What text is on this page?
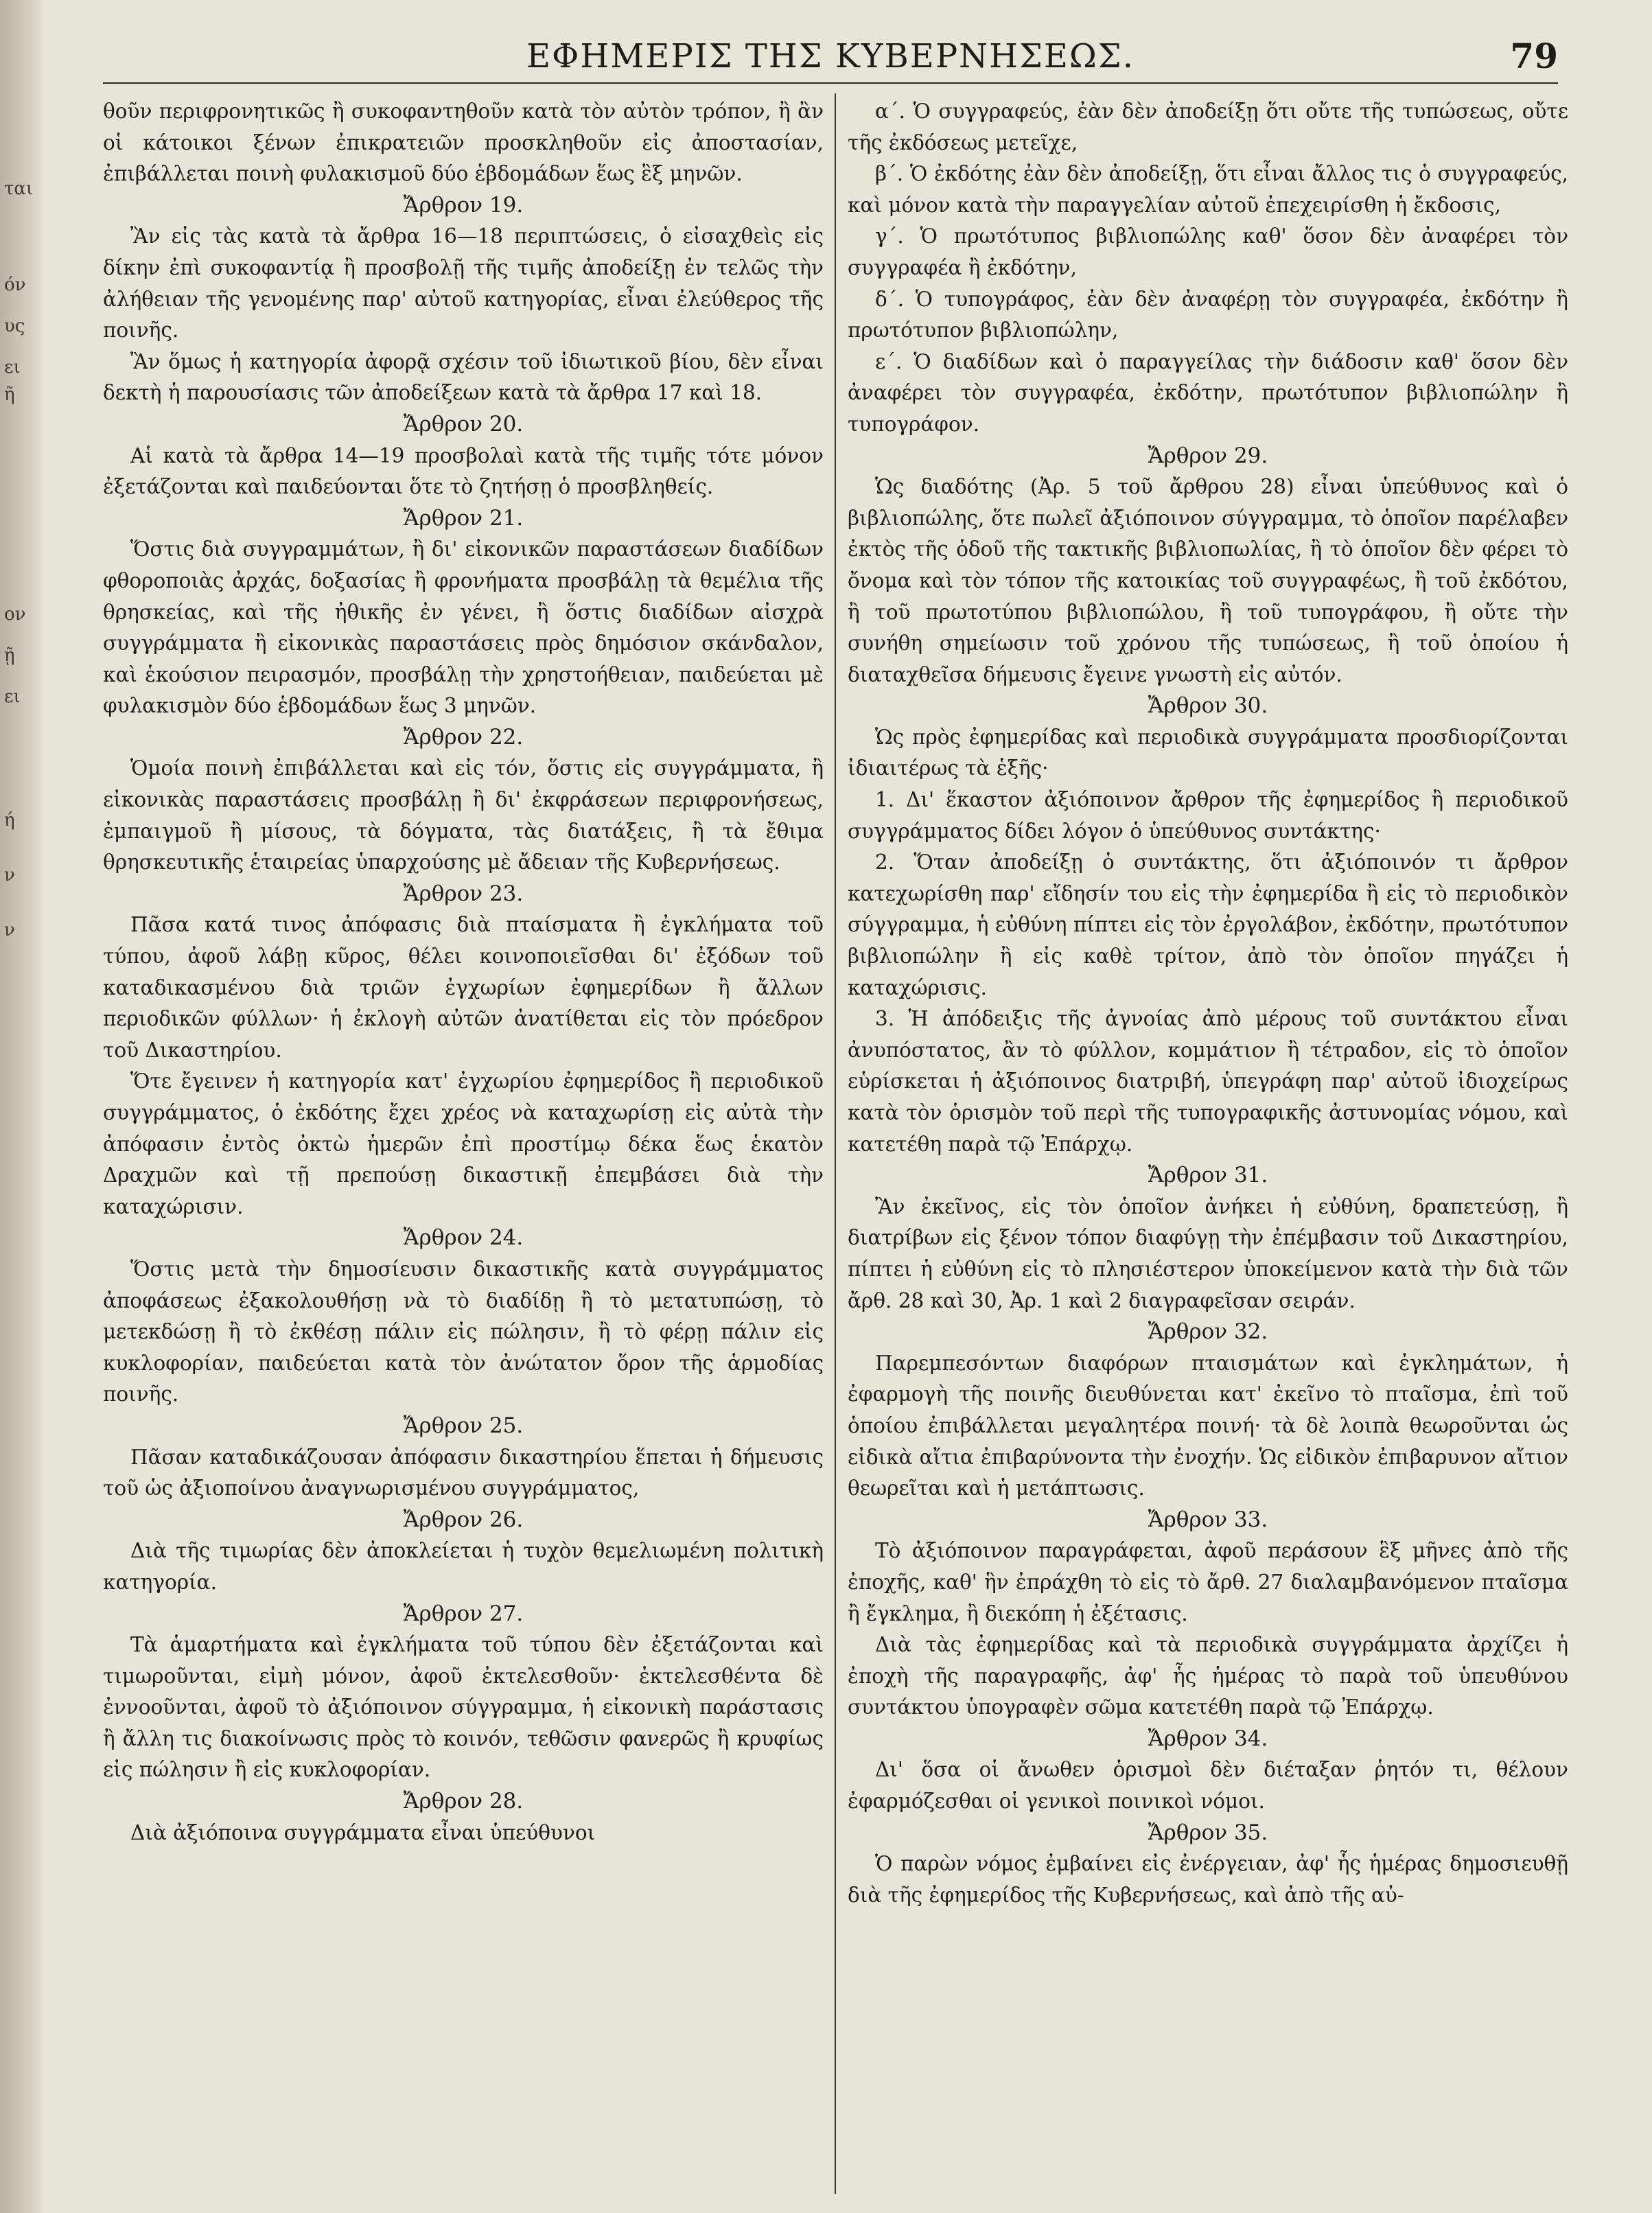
ται
όν
υς
ει
ῆ
ον
ῇ
ει
ή
ν
ν
ΕΦΗΜΕΡΙΣ ΤΗΣ ΚΥΒΕΡΝΗΣΕΩΣ.	79

θοῦν περιφρονητικῶς ἢ συκοφαντηθοῦν κατὰ τὸν αὐτὸν τρόπον, ἢ ἂν οἱ κάτοικοι ξένων ἐπικρατειῶν προσκληθοῦν εἰς ἀποστασίαν, ἐπιβάλλεται ποινὴ φυλακισμοῦ δύο ἑβδομάδων ἕως ἓξ μηνῶν.

Ἄρθρον 19.

Ἂν εἰς τὰς κατὰ τὰ ἄρθρα 16—18 περιπτώσεις, ὁ εἰσαχθεὶς εἰς δίκην ἐπὶ συκοφαντίᾳ ἢ προσβολῇ τῆς τιμῆς ἀποδείξῃ ἐν τελῶς τὴν ἀλήθειαν τῆς γενομένης παρ' αὐτοῦ κατηγορίας, εἶναι ἐλεύθερος τῆς ποινῆς.

Ἂν ὅμως ἡ κατηγορία ἀφορᾷ σχέσιν τοῦ ἰδιωτικοῦ βίου, δὲν εἶναι δεκτὴ ἡ παρουσίασις τῶν ἀποδείξεων κατὰ τὰ ἄρθρα 17 καὶ 18.

Ἄρθρον 20.

Αἱ κατὰ τὰ ἄρθρα 14—19 προσβολαὶ κατὰ τῆς τιμῆς τότε μόνον ἐξετάζονται καὶ παιδεύονται ὅτε τὸ ζητήσῃ ὁ προσβληθείς.

Ἄρθρον 21.

Ὅστις διὰ συγγραμμάτων, ἢ δι' εἰκονικῶν παραστάσεων διαδίδων φθοροποιὰς ἀρχάς, δοξασίας ἢ φρονήματα προσβάλῃ τὰ θεμέλια τῆς θρησκείας, καὶ τῆς ἠθικῆς ἐν γένει, ἢ ὅστις διαδίδων αἰσχρὰ συγγράμματα ἢ εἰκονικὰς παραστάσεις πρὸς δημόσιον σκάνδαλον, καὶ ἑκούσιον πειρασμόν, προσβάλῃ τὴν χρηστοήθειαν, παιδεύεται μὲ φυλακισμὸν δύο ἑβδομάδων ἕως 3 μηνῶν.

Ἄρθρον 22.

Ὁμοία ποινὴ ἐπιβάλλεται καὶ εἰς τόν, ὅστις εἰς συγγράμματα, ἢ εἰκονικὰς παραστάσεις προσβάλῃ ἢ δι' ἐκφράσεων περιφρονήσεως, ἐμπαιγμοῦ ἢ μίσους, τὰ δόγματα, τὰς διατάξεις, ἢ τὰ ἔθιμα θρησκευτικῆς ἑταιρείας ὑπαρχούσης μὲ ἄδειαν τῆς Κυβερνήσεως.

Ἄρθρον 23.

Πᾶσα κατά τινος ἀπόφασις διὰ πταίσματα ἢ ἐγκλήματα τοῦ τύπου, ἀφοῦ λάβῃ κῦρος, θέλει κοινοποιεῖσθαι δι' ἐξόδων τοῦ καταδικασμένου διὰ τριῶν ἐγχωρίων ἐφημερίδων ἢ ἄλλων περιοδικῶν φύλλων· ἡ ἐκλογὴ αὐτῶν ἀνατίθεται εἰς τὸν πρόεδρον τοῦ Δικαστηρίου.

Ὅτε ἔγεινεν ἡ κατηγορία κατ' ἐγχωρίου ἐφημερίδος ἢ περιοδικοῦ συγγράμματος, ὁ ἐκδότης ἔχει χρέος νὰ καταχωρίσῃ εἰς αὐτὰ τὴν ἀπόφασιν ἐντὸς ὀκτὼ ἡμερῶν ἐπὶ προστίμῳ δέκα ἕως ἑκατὸν Δραχμῶν καὶ τῇ πρεπούσῃ δικαστικῇ ἐπεμβάσει διὰ τὴν καταχώρισιν.

Ἄρθρον 24.

Ὅστις μετὰ τὴν δημοσίευσιν δικαστικῆς κατὰ συγγράμματος ἀποφάσεως ἐξακολουθήσῃ νὰ τὸ διαδίδῃ ἢ τὸ μετατυπώσῃ, τὸ μετεκδώσῃ ἢ τὸ ἐκθέσῃ πάλιν εἰς πώλησιν, ἢ τὸ φέρῃ πάλιν εἰς κυκλοφορίαν, παιδεύεται κατὰ τὸν ἀνώτατον ὅρον τῆς ἁρμοδίας ποινῆς.

Ἄρθρον 25.

Πᾶσαν καταδικάζουσαν ἀπόφασιν δικαστηρίου ἕπεται ἡ δήμευσις τοῦ ὡς ἀξιοποίνου ἀναγνωρισμένου συγγράμματος,

Ἄρθρον 26.

Διὰ τῆς τιμωρίας δὲν ἀποκλείεται ἡ τυχὸν θεμελιωμένη πολιτικὴ κατηγορία.

Ἄρθρον 27.

Τὰ ἁμαρτήματα καὶ ἐγκλήματα τοῦ τύπου δὲν ἐξετάζονται καὶ τιμωροῦνται, εἰμὴ μόνον, ἀφοῦ ἐκτελεσθοῦν· ἐκτελεσθέντα δὲ ἐννοοῦνται, ἀφοῦ τὸ ἀξιόποινον σύγγραμμα, ἡ εἰκονικὴ παράστασις ἢ ἄλλη τις διακοίνωσις πρὸς τὸ κοινόν, τεθῶσιν φανερῶς ἢ κρυφίως εἰς πώλησιν ἢ εἰς κυκλοφορίαν.

Ἄρθρον 28.

Διὰ ἀξιόποινα συγγράμματα εἶναι ὑπεύθυνοι

α΄. Ὁ συγγραφεύς, ἐὰν δὲν ἀποδείξῃ ὅτι οὔτε τῆς τυπώσεως, οὔτε τῆς ἐκδόσεως μετεῖχε,

β΄. Ὁ ἐκδότης ἐὰν δὲν ἀποδείξῃ, ὅτι εἶναι ἄλλος τις ὁ συγγραφεύς, καὶ μόνον κατὰ τὴν παραγγελίαν αὐτοῦ ἐπεχειρίσθη ἡ ἔκδοσις,

γ΄. Ὁ πρωτότυπος βιβλιοπώλης καθ' ὅσον δὲν ἀναφέρει τὸν συγγραφέα ἢ ἐκδότην,

δ΄. Ὁ τυπογράφος, ἐὰν δὲν ἀναφέρῃ τὸν συγγραφέα, ἐκδότην ἢ πρωτότυπον βιβλιοπώλην,

ε΄. Ὁ διαδίδων καὶ ὁ παραγγείλας τὴν διάδοσιν καθ' ὅσον δὲν ἀναφέρει τὸν συγγραφέα, ἐκδότην, πρωτότυπον βιβλιοπώλην ἢ τυπογράφον.

Ἄρθρον 29.

Ὡς διαδότης (Ἀρ. 5 τοῦ ἄρθρου 28) εἶναι ὑπεύθυνος καὶ ὁ βιβλιοπώλης, ὅτε πωλεῖ ἀξιόποινον σύγγραμμα, τὸ ὁποῖον παρέλαβεν ἐκτὸς τῆς ὁδοῦ τῆς τακτικῆς βιβλιοπωλίας, ἢ τὸ ὁποῖον δὲν φέρει τὸ ὄνομα καὶ τὸν τόπον τῆς κατοικίας τοῦ συγγραφέως, ἢ τοῦ ἐκδότου, ἢ τοῦ πρωτοτύπου βιβλιοπώλου, ἢ τοῦ τυπογράφου, ἢ οὔτε τὴν συνήθη σημείωσιν τοῦ χρόνου τῆς τυπώσεως, ἢ τοῦ ὁποίου ἡ διαταχθεῖσα δήμευσις ἔγεινε γνωστὴ εἰς αὐτόν.

Ἄρθρον 30.

Ὡς πρὸς ἐφημερίδας καὶ περιοδικὰ συγγράμματα προσδιορίζονται ἰδιαιτέρως τὰ ἑξῆς·

1. Δι' ἕκαστον ἀξιόποινον ἄρθρον τῆς ἐφημερίδος ἢ περιοδικοῦ συγγράμματος δίδει λόγον ὁ ὑπεύθυνος συντάκτης·

2. Ὅταν ἀποδείξῃ ὁ συντάκτης, ὅτι ἀξιόποινόν τι ἄρθρον κατεχωρίσθη παρ' εἴδησίν του εἰς τὴν ἐφημερίδα ἢ εἰς τὸ περιοδικὸν σύγγραμμα, ἡ εὐθύνη πίπτει εἰς τὸν ἐργολάβον, ἐκδότην, πρωτότυπον βιβλιοπώλην ἢ εἰς καθὲ τρίτον, ἀπὸ τὸν ὁποῖον πηγάζει ἡ καταχώρισις.

3. Ἡ ἀπόδειξις τῆς ἀγνοίας ἀπὸ μέρους τοῦ συντάκτου εἶναι ἀνυπόστατος, ἂν τὸ φύλλον, κομμάτιον ἢ τέτραδον, εἰς τὸ ὁποῖον εὑρίσκεται ἡ ἀξιόποινος διατριβή, ὑπεγράφη παρ' αὐτοῦ ἰδιοχείρως κατὰ τὸν ὁρισμὸν τοῦ περὶ τῆς τυπογραφικῆς ἀστυνομίας νόμου, καὶ κατετέθη παρὰ τῷ Ἐπάρχῳ.

Ἄρθρον 31.

Ἂν ἐκεῖνος, εἰς τὸν ὁποῖον ἀνήκει ἡ εὐθύνη, δραπετεύσῃ, ἢ διατρίβων εἰς ξένον τόπον διαφύγῃ τὴν ἐπέμβασιν τοῦ Δικαστηρίου, πίπτει ἡ εὐθύνη εἰς τὸ πλησιέστερον ὑποκείμενον κατὰ τὴν διὰ τῶν ἄρθ. 28 καὶ 30, Ἀρ. 1 καὶ 2 διαγραφεῖσαν σειράν.

Ἄρθρον 32.

Παρεμπεσόντων διαφόρων πταισμάτων καὶ ἐγκλημάτων, ἡ ἐφαρμογὴ τῆς ποινῆς διευθύνεται κατ' ἐκεῖνο τὸ πταῖσμα, ἐπὶ τοῦ ὁποίου ἐπιβάλλεται μεγαλητέρα ποινή· τὰ δὲ λοιπὰ θεωροῦνται ὡς εἰδικὰ αἴτια ἐπιβαρύνοντα τὴν ἐνοχήν. Ὡς εἰδικὸν ἐπιβαρυνον αἴτιον θεωρεῖται καὶ ἡ μετάπτωσις.

Ἄρθρον 33.

Τὸ ἀξιόποινον παραγράφεται, ἀφοῦ περάσουν ἓξ μῆνες ἀπὸ τῆς ἐποχῆς, καθ' ἣν ἐπράχθη τὸ εἰς τὸ ἄρθ. 27 διαλαμβανόμενον πταῖσμα ἢ ἔγκλημα, ἢ διεκόπη ἡ ἐξέτασις.

Διὰ τὰς ἐφημερίδας καὶ τὰ περιοδικὰ συγγράμματα ἀρχίζει ἡ ἐποχὴ τῆς παραγραφῆς, ἀφ' ἧς ἡμέρας τὸ παρὰ τοῦ ὑπευθύνου συντάκτου ὑπογραφὲν σῶμα κατετέθη παρὰ τῷ Ἐπάρχῳ.

Ἄρθρον 34.

Δι' ὅσα οἱ ἄνωθεν ὁρισμοὶ δὲν διέταξαν ῥητόν τι, θέλουν ἐφαρμόζεσθαι οἱ γενικοὶ ποινικοὶ νόμοι.

Ἄρθρον 35.

Ὁ παρὼν νόμος ἐμβαίνει εἰς ἐνέργειαν, ἀφ' ἧς ἡμέρας δημοσιευθῇ διὰ τῆς ἐφημερίδος τῆς Κυβερνήσεως, καὶ ἀπὸ τῆς αὐ-
